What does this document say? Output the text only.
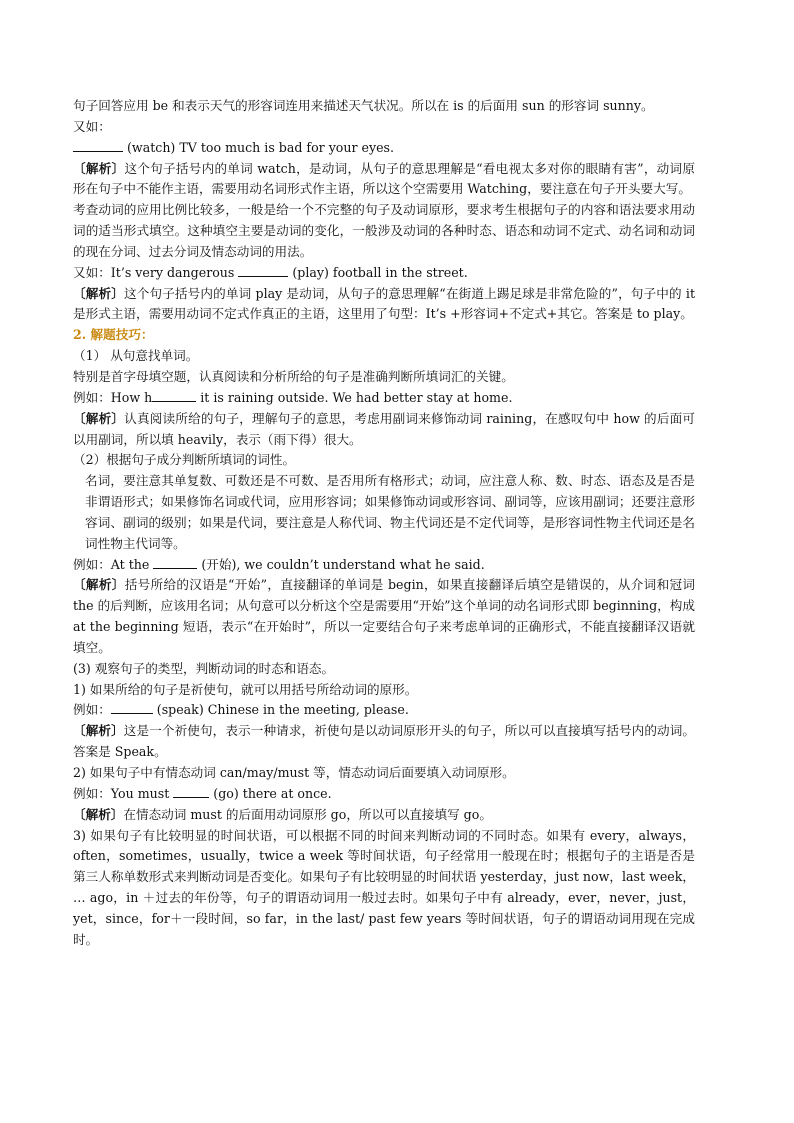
句子回答应用 be 和表示天气的形容词连用来描述天气状况。所以在 is 的后面用 sun 的形容词 sunny。

又如：

(watch) TV too much is bad for your eyes.

〔解析〕这个句子括号内的单词 watch，是动词，从句子的意思理解是“看电视太多对你的眼睛有害”，动词原形在句子中不能作主语，需要用动名词形式作主语，所以这个空需要用 Watching，要注意在句子开头要大写。

考查动词的应用比例比较多，一般是给一个不完整的句子及动词原形，要求考生根据句子的内容和语法要求用动词的适当形式填空。这种填空主要是动词的变化，一般涉及动词的各种时态、语态和动词不定式、动名词和动词的现在分词、过去分词及情态动词的用法。

又如：It’s very dangerous	(play) football in the street.

〔解析〕这个句子括号内的单词 play 是动词，从句子的意思理解“在街道上踢足球是非常危险的”，句子中的 it 是形式主语，需要用动词不定式作真正的主语，这里用了句型：It’s +形容词+不定式+其它。答案是 to play。

2. 解题技巧：

（1） 从句意找单词。

特别是首字母填空题，认真阅读和分析所给的句子是准确判断所填词汇的关键。

例如：How h	it is raining outside. We had better stay at home.

〔解析〕认真阅读所给的句子，理解句子的意思，考虑用副词来修饰动词 raining，在感叹句中 how 的后面可以用副词，所以填 heavily，表示（雨下得）很大。

（2）根据句子成分判断所填词的词性。

名词，要注意其单复数、可数还是不可数、是否用所有格形式；动词，应注意人称、数、时态、语态及是否是非谓语形式；如果修饰名词或代词，应用形容词；如果修饰动词或形容词、副词等，应该用副词；还要注意形容词、副词的级别；如果是代词，要注意是人称代词、物主代词还是不定代词等，是形容词性物主代词还是名词性物主代词等。

例如：At the	(开始), we couldn’t understand what he said.

〔解析〕括号所给的汉语是“开始”，直接翻译的单词是 begin，如果直接翻译后填空是错误的，从介词和冠词 the 的后判断，应该用名词；从句意可以分析这个空是需要用“开始”这个单词的动名词形式即 beginning，构成 at the beginning 短语，表示“在开始时”，所以一定要结合句子来考虑单词的正确形式，不能直接翻译汉语就填空。

(3) 观察句子的类型，判断动词的时态和语态。

1) 如果所给的句子是祈使句，就可以用括号所给动词的原形。

例如：	(speak) Chinese in the meeting, please.

〔解析〕这是一个祈使句，表示一种请求，祈使句是以动词原形开头的句子，所以可以直接填写括号内的动词。答案是 Speak。

2) 如果句子中有情态动词 can/may/must 等，情态动词后面要填入动词原形。

例如：You must	(go) there at once.

〔解析〕在情态动词 must 的后面用动词原形 go，所以可以直接填写 go。

3) 如果句子有比较明显的时间状语，可以根据不同的时间来判断动词的不同时态。如果有 every，always，often，sometimes，usually，twice a week 等时间状语，句子经常用一般现在时；根据句子的主语是否是第三人称单数形式来判断动词是否变化。如果句子有比较明显的时间状语 yesterday，just now，last week， … ago，in ＋过去的年份等，句子的谓语动词用一般过去时。如果句子中有 already，ever，never，just，yet，since，for＋一段时间，so far，in the last/ past few years 等时间状语，句子的谓语动词用现在完成时。
